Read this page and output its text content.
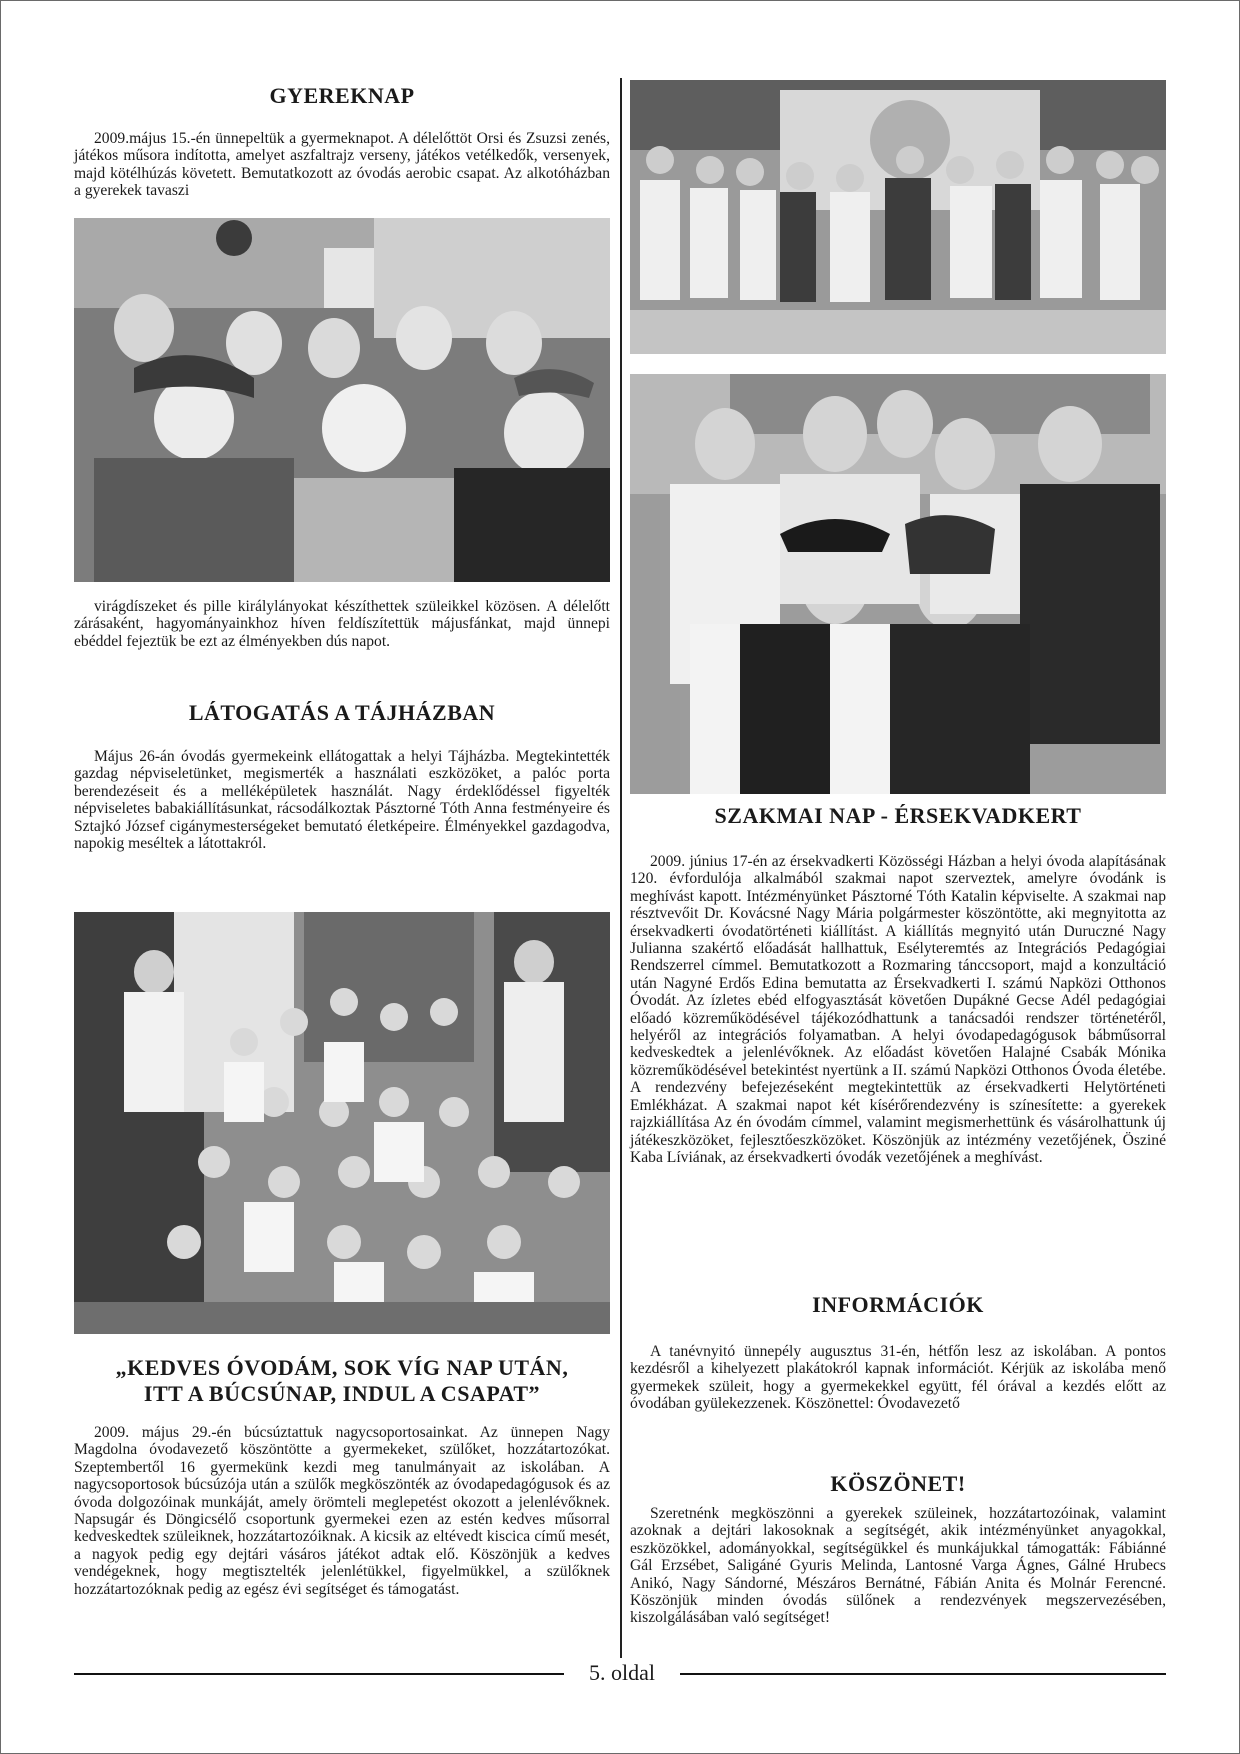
GYEREKNAP

2009.május 15.-én ünnepeltük a gyermeknapot. A délelőttöt Orsi és Zsuzsi zenés, játékos műsora indította, amelyet aszfaltrajz verseny, játékos vetélkedők, versenyek, majd kötélhúzás követett. Bemutatkozott az óvodás aerobic csapat. Az alkotóházban a gyerekek tavaszi

virágdíszeket és pille királylányokat készíthettek szüleikkel közösen. A délelőtt zárásaként, hagyományainkhoz híven feldíszítettük májusfánkat, majd ünnepi ebéddel fejeztük be ezt az élményekben dús napot.

LÁTOGATÁS A TÁJHÁZBAN

Május 26-án óvodás gyermekeink ellátogattak a helyi Tájházba. Megtekintették gazdag népviseletünket, megismerték a használati eszközöket, a palóc porta berendezéseit és a melléképületek használát. Nagy érdeklődéssel figyelték népviseletes babakiállításunkat, rácsodálkoztak Pásztorné Tóth Anna festményeire és Sztajkó József cigánymesterségeket bemutató életképeire. Élményekkel gazdagodva, napokig meséltek a látottakról.

„KEDVES ÓVODÁM, SOK VÍG NAP UTÁN,
ITT A BÚCSÚNAP, INDUL A CSAPAT”

2009. május 29.-én búcsúztattuk nagycsoportosainkat. Az ünnepen Nagy Magdolna óvodavezető köszöntötte a gyermekeket, szülőket, hozzátartozókat. Szeptembertől 16 gyermekünk kezdi meg tanulmányait az iskolában. A nagycsoportosok búcsúzója után a szülők megköszönték az óvodapedagógusok és az óvoda dolgozóinak munkáját, amely örömteli meglepetést okozott a jelenlévőknek. Napsugár és Döngicsélő csoportunk gyermekei ezen az estén kedves műsorral kedveskedtek szüleiknek, hozzátartozóiknak. A kicsik az eltévedt kiscica című mesét, a nagyok pedig egy dejtári vásáros játékot adtak elő. Köszönjük a kedves vendégeknek, hogy megtisztelték jelenlétükkel, figyelmükkel, a szülőknek hozzátartozóknak pedig az egész évi segítséget és támogatást.

SZAKMAI NAP - ÉRSEKVADKERT

2009. június 17-én az érsekvadkerti Közösségi Házban a helyi óvoda alapításának 120. évfordulója alkalmából szakmai napot szerveztek, amelyre óvodánk is meghívást kapott. Intézményünket Pásztorné Tóth Katalin képviselte. A szakmai nap résztvevőit Dr. Kovácsné Nagy Mária polgármester köszöntötte, aki megnyitotta az érsekvadkerti óvodatörténeti kiállítást. A kiállítás megnyitó után Duruczné Nagy Julianna szakértő előadását hallhattuk, Esélyteremtés az Integrációs Pedagógiai Rendszerrel címmel. Bemutatkozott a Rozmaring tánccsoport, majd a konzultáció után Nagyné Erdős Edina bemutatta az Érsekvadkerti I. számú Napközi Otthonos Óvodát. Az ízletes ebéd elfogyasztását követően Dupákné Gecse Adél pedagógiai előadó közreműködésével tájékozódhattunk a tanácsadói rendszer történetéről, helyéről az integrációs folyamatban. A helyi óvodapedagógusok bábműsorral kedveskedtek a jelenlévőknek. Az előadást követően Halajné Csabák Mónika közreműködésével betekintést nyertünk a II. számú Napközi Otthonos Óvoda életébe. A rendezvény befejezéseként megtekintettük az érsekvadkerti Helytörténeti Emlékházat. A szakmai napot két kísérőrendezvény is színesítette: a gyerekek rajzkiállítása Az én óvodám címmel, valamint megismerhettünk és vásárolhattunk új játékeszközöket, fejlesztőeszközöket. Köszönjük az intézmény vezetőjének, Ösziné Kaba Líviának, az érsekvadkerti óvodák vezetőjének a meghívást.

INFORMÁCIÓK

A tanévnyitó ünnepély augusztus 31-én, hétfőn lesz az iskolában. A pontos kezdésről a kihelyezett plakátokról kapnak információt. Kérjük az iskolába menő gyermekek szüleit, hogy a gyermekekkel együtt, fél órával a kezdés előtt az óvodában gyülekezzenek. Köszönettel: Óvodavezető

KÖSZÖNET!

Szeretnénk megköszönni a gyerekek szüleinek, hozzátartozóinak, valamint azoknak a dejtári lakosoknak a segítségét, akik intézményünket anyagokkal, eszközökkel, adományokkal, segítségükkel és munkájukkal támogatták: Fábiánné Gál Erzsébet, Saligáné Gyuris Melinda, Lantosné Varga Ágnes, Gálné Hrubecs Anikó, Nagy Sándorné, Mészáros Bernátné, Fábián Anita és Molnár Ferencné. Köszönjük minden óvodás sülőnek a rendezvények megszervezésében, kiszolgálásában való segítséget!

5. oldal
